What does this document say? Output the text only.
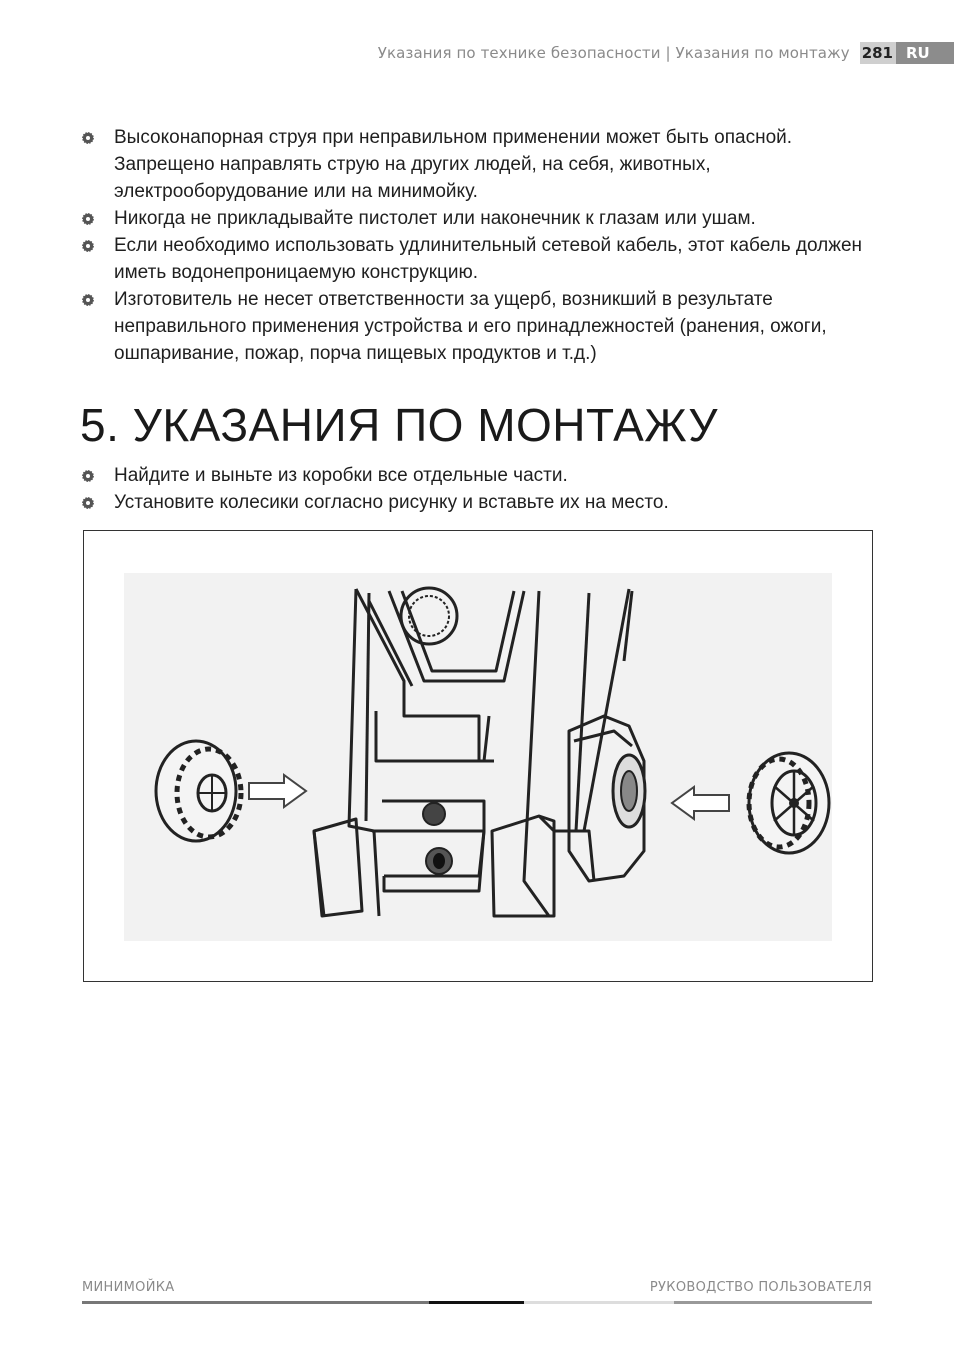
Указания по технике безопасности | Указания по монтажу 281 RU
Высоконапорная струя при неправильном применении может быть опасной. Запрещено направлять струю на других людей, на себя, животных, электрооборудование или на минимойку.
Никогда не прикладывайте пистолет или наконечник к глазам или ушам.
Если необходимо использовать удлинительный сетевой кабель, этот кабель должен иметь водонепроницаемую конструкцию.
Изготовитель не несет ответственности за ущерб, возникший в результате неправильного применения устройства и его принадлежностей (ранения, ожоги, ошпаривание, пожар, порча пищевых продуктов и т.д.)
5. УКАЗАНИЯ ПО МОНТАЖУ
Найдите и выньте из коробки все отдельные части.
Установите колесики согласно рисунку и вставьте их на место.
МИНИМОЙКА	РУКОВОДСТВО ПОЛЬЗОВАТЕЛЯ
